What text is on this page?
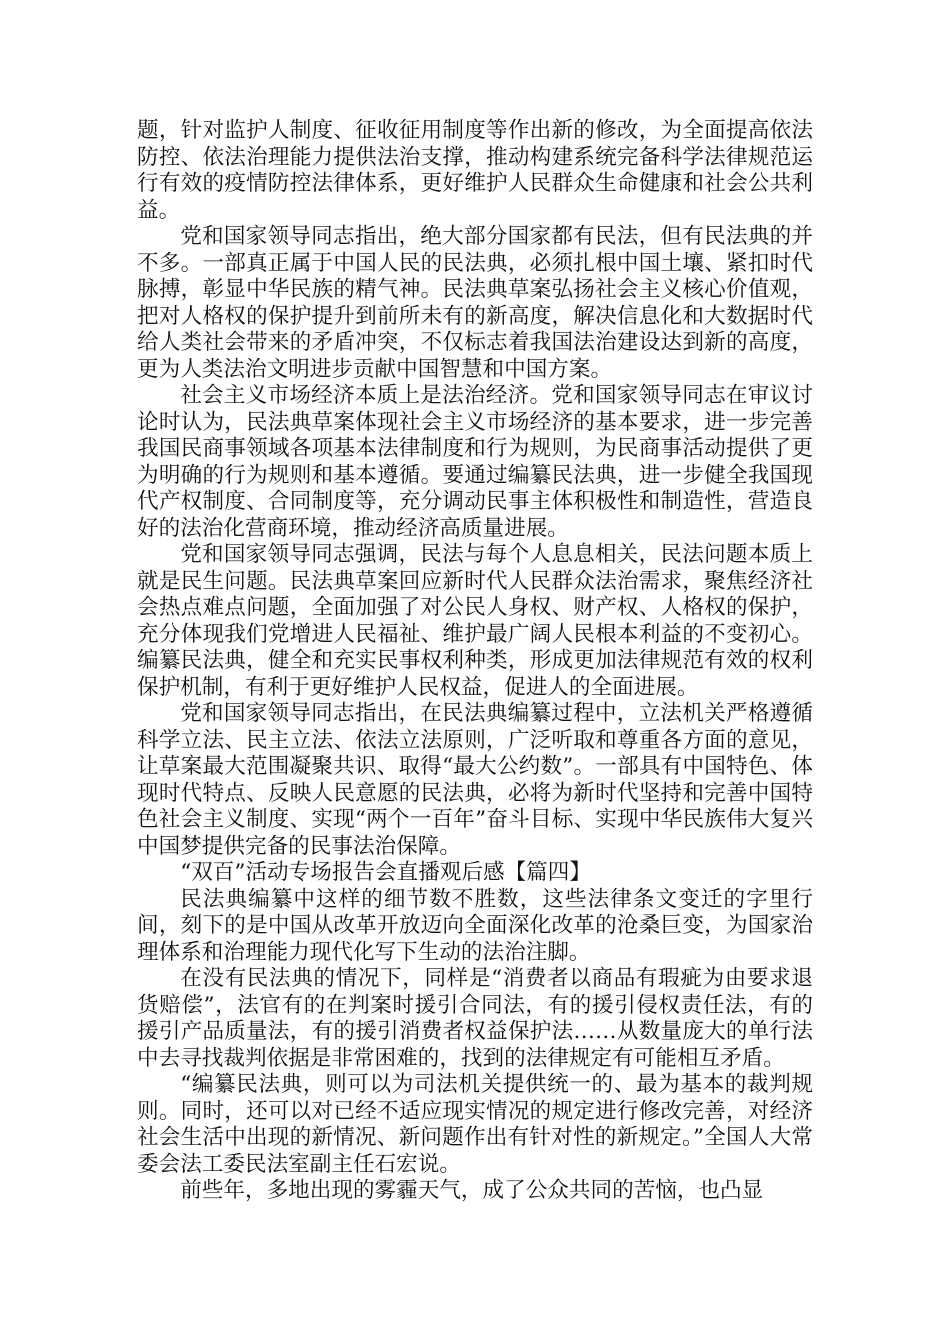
题，针对监护人制度、征收征用制度等作出新的修改，为全面提高依法防控、依法治理能力提供法治支撑，推动构建系统完备科学法律规范运行有效的疫情防控法律体系，更好维护人民群众生命健康和社会公共利益。

党和国家领导同志指出，绝大部分国家都有民法，但有民法典的并不多。一部真正属于中国人民的民法典，必须扎根中国土壤、紧扣时代脉搏，彰显中华民族的精气神。民法典草案弘扬社会主义核心价值观，把对人格权的保护提升到前所未有的新高度，解决信息化和大数据时代给人类社会带来的矛盾冲突，不仅标志着我国法治建设达到新的高度，更为人类法治文明进步贡献中国智慧和中国方案。

社会主义市场经济本质上是法治经济。党和国家领导同志在审议讨论时认为，民法典草案体现社会主义市场经济的基本要求，进一步完善我国民商事领域各项基本法律制度和行为规则，为民商事活动提供了更为明确的行为规则和基本遵循。要通过编纂民法典，进一步健全我国现代产权制度、合同制度等，充分调动民事主体积极性和制造性，营造良好的法治化营商环境，推动经济高质量进展。

党和国家领导同志强调，民法与每个人息息相关，民法问题本质上就是民生问题。民法典草案回应新时代人民群众法治需求，聚焦经济社会热点难点问题，全面加强了对公民人身权、财产权、人格权的保护，充分体现我们党增进人民福祉、维护最广阔人民根本利益的不变初心。编纂民法典，健全和充实民事权利种类，形成更加法律规范有效的权利保护机制，有利于更好维护人民权益，促进人的全面进展。

党和国家领导同志指出，在民法典编纂过程中，立法机关严格遵循科学立法、民主立法、依法立法原则，广泛听取和尊重各方面的意见，让草案最大范围凝聚共识、取得“最大公约数”。一部具有中国特色、体现时代特点、反映人民意愿的民法典，必将为新时代坚持和完善中国特色社会主义制度、实现“两个一百年”奋斗目标、实现中华民族伟大复兴中国梦提供完备的民事法治保障。

“双百”活动专场报告会直播观后感【篇四】

民法典编纂中这样的细节数不胜数，这些法律条文变迁的字里行间，刻下的是中国从改革开放迈向全面深化改革的沧桑巨变，为国家治理体系和治理能力现代化写下生动的法治注脚。

在没有民法典的情况下，同样是“消费者以商品有瑕疵为由要求退货赔偿”，法官有的在判案时援引合同法，有的援引侵权责任法，有的援引产品质量法，有的援引消费者权益保护法……从数量庞大的单行法中去寻找裁判依据是非常困难的，找到的法律规定有可能相互矛盾。

“编纂民法典，则可以为司法机关提供统一的、最为基本的裁判规则。同时，还可以对已经不适应现实情况的规定进行修改完善，对经济社会生活中出现的新情况、新问题作出有针对性的新规定。”全国人大常委会法工委民法室副主任石宏说。

前些年，多地出现的雾霾天气，成了公众共同的苦恼，也凸显
